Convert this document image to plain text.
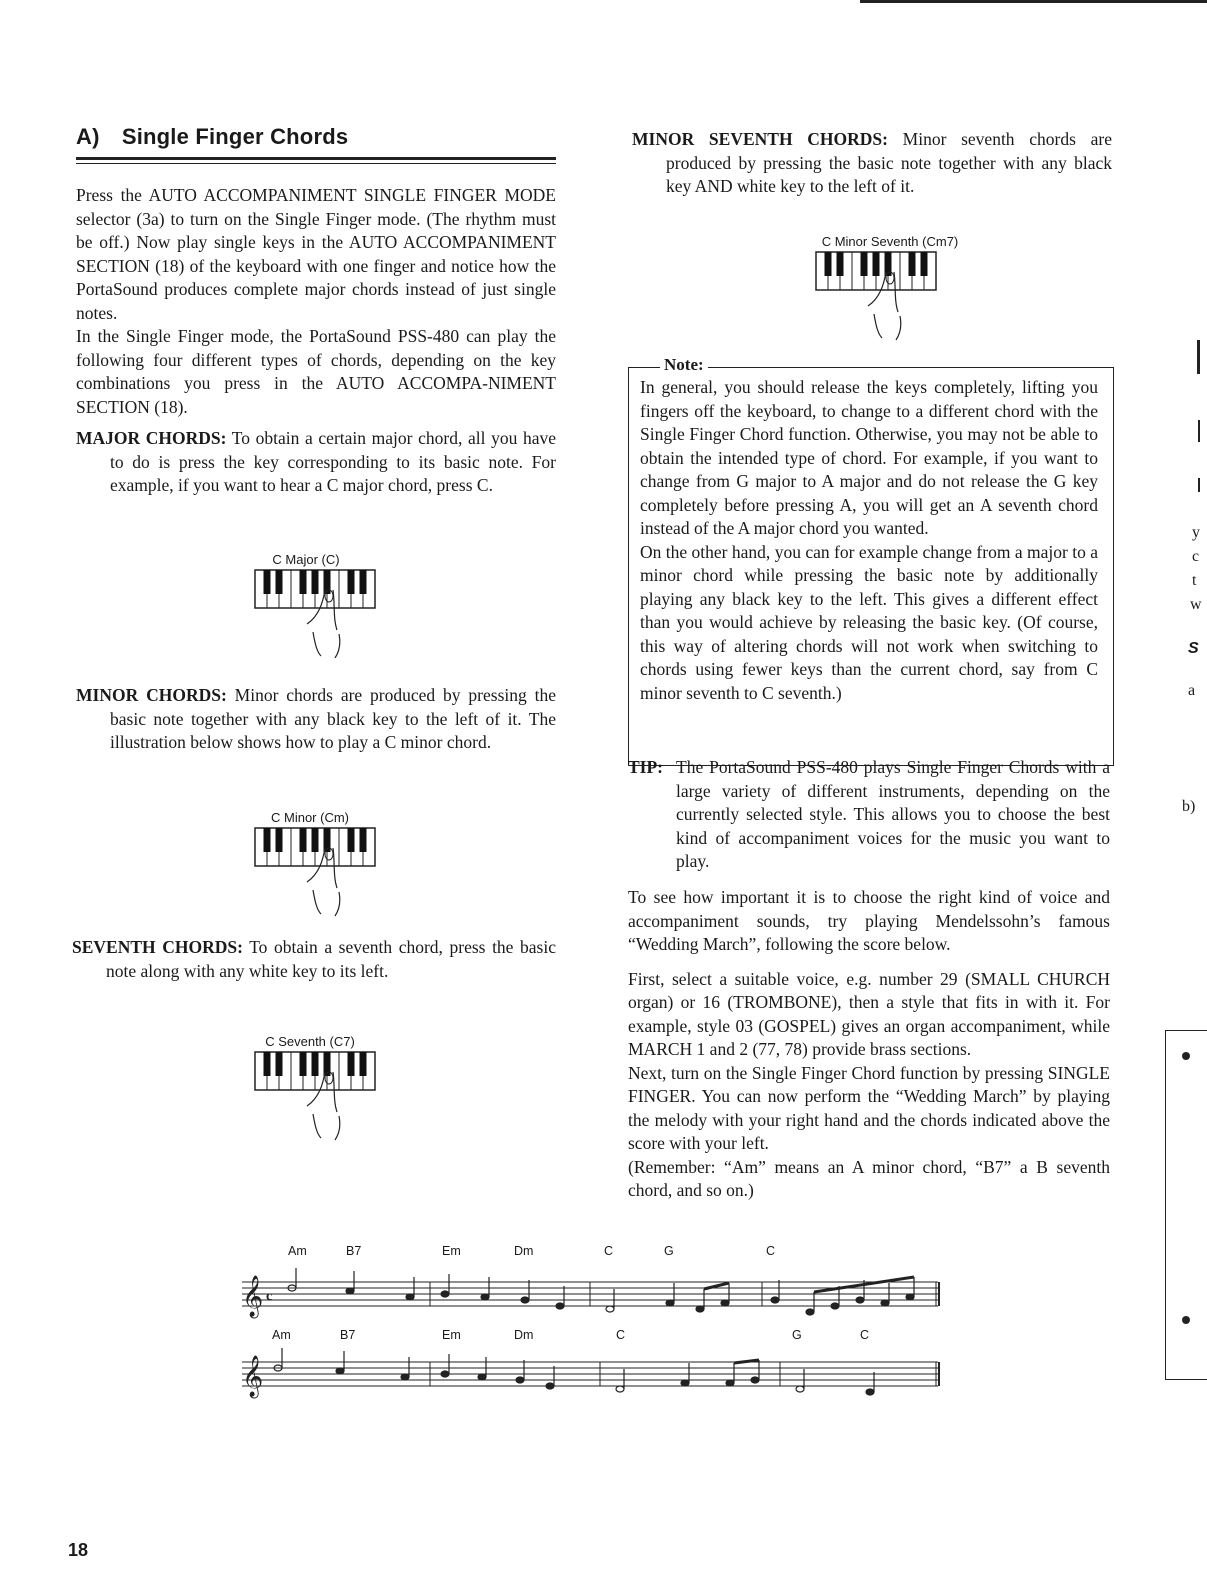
A) Single Finger Chords

Press the AUTO ACCOMPANIMENT SINGLE FINGER MODE selector (3a) to turn on the Single Finger mode. (The rhythm must be off.) Now play single keys in the AUTO ACCOMPANIMENT SECTION (18) of the keyboard with one finger and notice how the PortaSound produces complete major chords instead of just single notes.

In the Single Finger mode, the PortaSound PSS-480 can play the following four different types of chords, depending on the key combinations you press in the AUTO ACCOMPA-NIMENT SECTION (18).

MAJOR CHORDS: To obtain a certain major chord, all you have to do is press the key corresponding to its basic note. For example, if you want to hear a C major chord, press C.

C Major (C)

MINOR CHORDS: Minor chords are produced by pressing the basic note together with any black key to the left of it. The illustration below shows how to play a C minor chord.

C Minor (Cm)

SEVENTH CHORDS: To obtain a seventh chord, press the basic note along with any white key to its left.

C Seventh (C7)

MINOR SEVENTH CHORDS: Minor seventh chords are produced by pressing the basic note together with any black key AND white key to the left of it.

C Minor Seventh (Cm7)
Note:

In general, you should release the keys completely, lifting you fingers off the keyboard, to change to a different chord with the Single Finger Chord function. Otherwise, you may not be able to obtain the intended type of chord. For example, if you want to change from G major to A major and do not release the G key completely before pressing A, you will get an A seventh chord instead of the A major chord you wanted.

On the other hand, you can for example change from a major to a minor chord while pressing the basic note by additionally playing any black key to the left. This gives a different effect than you would achieve by releasing the basic key. (Of course, this way of altering chords will not work when switching to chords using fewer keys than the current chord, say from C minor seventh to C seventh.)

TIP: The PortaSound PSS-480 plays Single Finger Chords with a large variety of different instruments, depending on the currently selected style. This allows you to choose the best kind of accompaniment voices for the music you want to play.

To see how important it is to choose the right kind of voice and accompaniment sounds, try playing Mendelssohn’s famous “Wedding March”, following the score below.

First, select a suitable voice, e.g. number 29 (SMALL CHURCH organ) or 16 (TROMBONE), then a style that fits in with it. For example, style 03 (GOSPEL) gives an organ accompaniment, while MARCH 1 and 2 (77, 78) provide brass sections.

Next, turn on the Single Finger Chord function by pressing SINGLE FINGER. You can now perform the “Wedding March” by playing the melody with your right hand and the chords indicated above the score with your left.

(Remember: “Am” means an A minor chord, “B7” a B seventh chord, and so on.)

Am	B7	Em	Dm	C	G	C
Am	B7	Em	Dm	C	G	C
𝄞 c
𝄞
y
c
t
w
S
a
b)
18
